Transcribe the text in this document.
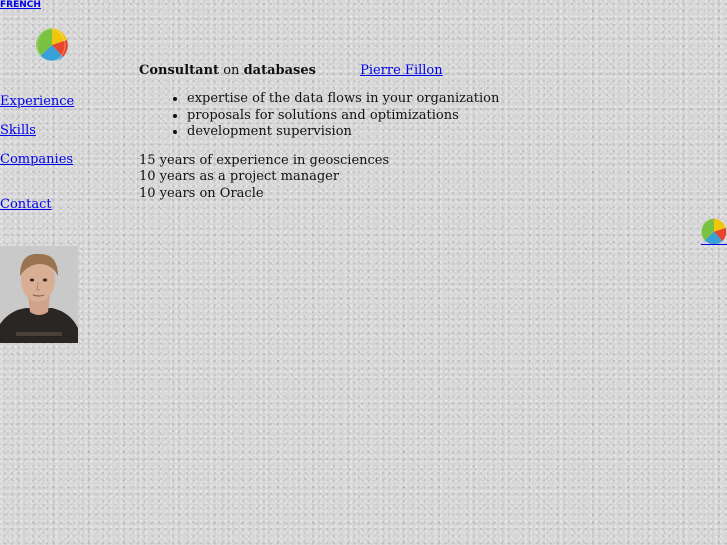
FRENCH
Experience
Skills
Companies
Contact
Consultant on databases	Pierre Fillon
• expertise of the data flows in your organization
• proposals for solutions and optimizations
• development supervision
15 years of experience in geosciences
10 years as a project manager
10 years on Oracle
